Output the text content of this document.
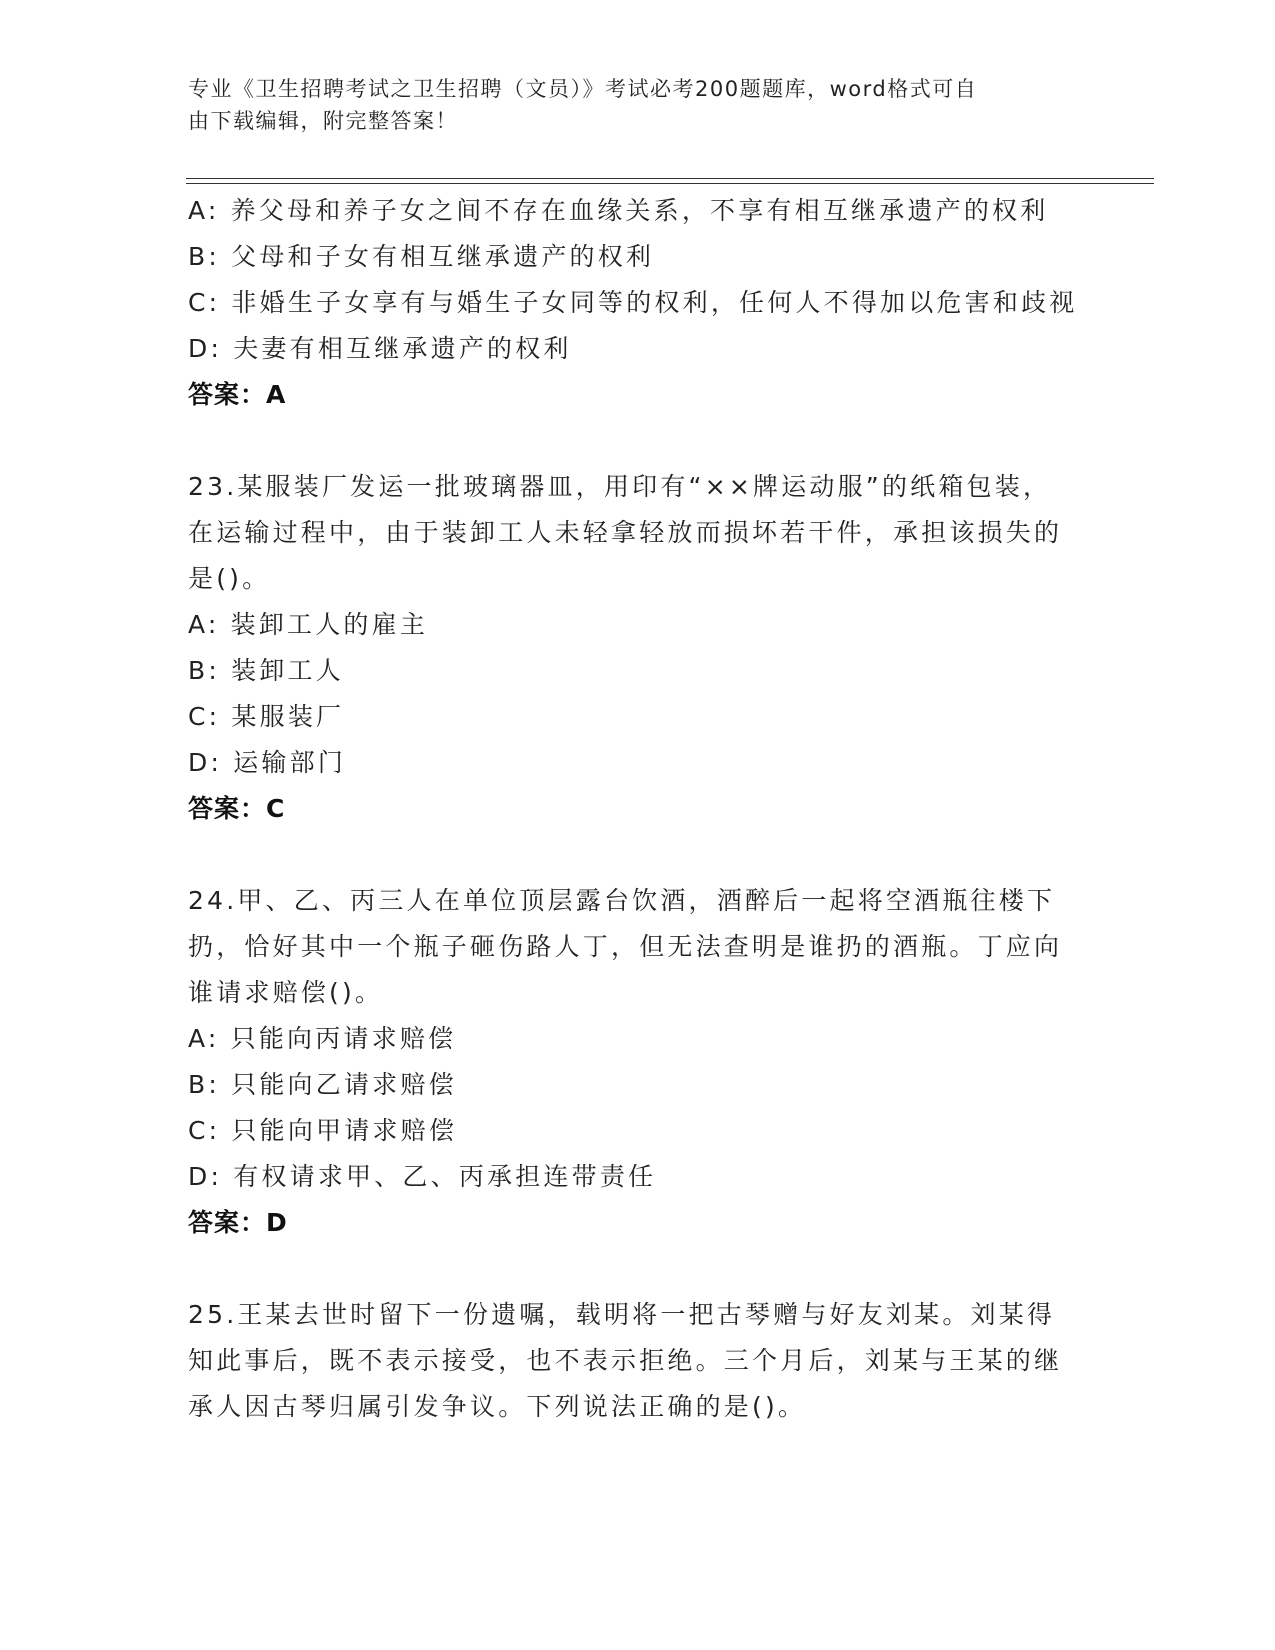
专业《卫生招聘考试之卫生招聘（文员）》考试必考200题题库，word格式可自
由下载编辑，附完整答案！
A: 养父母和养子女之间不存在血缘关系，不享有相互继承遗产的权利
B: 父母和子女有相互继承遗产的权利
C: 非婚生子女享有与婚生子女同等的权利，任何人不得加以危害和歧视
D: 夫妻有相互继承遗产的权利
答案：A
23.某服装厂发运一批玻璃器皿，用印有“××牌运动服”的纸箱包装，在运输过程中，由于装卸工人未轻拿轻放而损坏若干件，承担该损失的是()。
A: 装卸工人的雇主
B: 装卸工人
C: 某服装厂
D: 运输部门
答案：C
24.甲、乙、丙三人在单位顶层露台饮酒，酒醉后一起将空酒瓶往楼下扔，恰好其中一个瓶子砸伤路人丁，但无法查明是谁扔的酒瓶。丁应向谁请求赔偿()。
A: 只能向丙请求赔偿
B: 只能向乙请求赔偿
C: 只能向甲请求赔偿
D: 有权请求甲、乙、丙承担连带责任
答案：D
25.王某去世时留下一份遗嘱，载明将一把古琴赠与好友刘某。刘某得知此事后，既不表示接受，也不表示拒绝。三个月后，刘某与王某的继承人因古琴归属引发争议。下列说法正确的是()。
